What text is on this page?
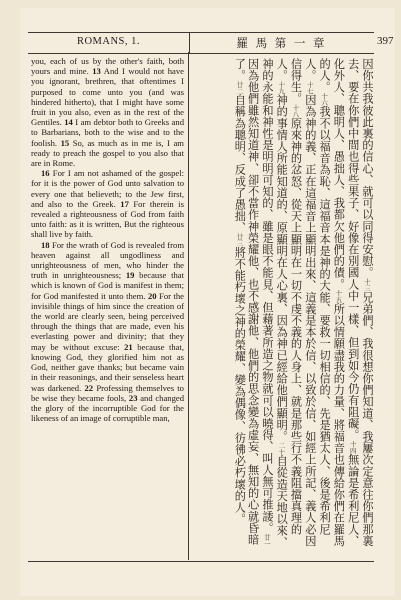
ROMANS, 1.	羅 馬 第 一 章	397

you, each of us by the other's faith, both yours and mine. 13 And I would not have you ignorant, brethren, that oftentimes I purposed to come unto you (and was hindered hitherto), that I might have some fruit in you also, even as in the rest of the Gentiles. 14 I am debtor both to Greeks and to Barbarians, both to the wise and to the foolish. 15 So, as much as in me is, I am ready to preach the gospel to you also that are in Rome.

16 For I am not ashamed of the gospel: for it is the power of God unto salvation to every one that believeth; to the Jew first, and also to the Greek. 17 For therein is revealed a righteousness of God from faith unto faith: as it is written, But the righteous shall live by faith.

18 For the wrath of God is revealed from heaven against all ungodliness and unrighteousness of men, who hinder the truth in unrighteousness; 19 because that which is known of God is manifest in them; for God manifested it unto them. 20 For the invisible things of him since the creation of the world are clearly seen, being perceived through the things that are made, even his everlasting power and divinity; that they may be without excuse: 21 because that, knowing God, they glorified him not as God, neither gave thanks; but became vain in their reasonings, and their senseless heart was darkened. 22 Professing themselves to be wise they became fools, 23 and changed the glory of the incorruptible God for the likeness of an image of corruptible man,

因你共我彼此裏的信心、就可以同得安慰。十三兄弟們、我很想你們知道、我屢次定意往你們那裏去、要在你們中間也得些果子、好像在別國人中一樣、但到如今仍有阻礙。十四無論是希利尼人、化外人、聰明人、愚拙人、我都欠他們的債。十五所以情願盡我的力量、將福音也傳給你們在羅馬的人。十六我不以福音為恥、這福音本是神的大能、要救一切相信的、先是猶太人、後是希利尼人。十七因為神的義、正在這福音上顯明出來、這義是本於信、以致於信、如經上所記、義人必因信得生。十八原來神的忿怒、從天上顯明在一切不虔不義的人身上、就是那些行不義阻擋真理的人。十九神的事情人所能知道的、原顯明在人心裏、因為神已經給他們顯明。二十自從造天地以來、神的永能和神性是明明可知的、雖是眼不能見、但藉著所造之物就可以曉得、叫人無可推諉。廿一因為他們雖然知道神、卻不當作神榮耀他、也不感謝他、他們的思念變為虛妄、無知的心就昏暗了。廿二自稱為聰明、反成了愚拙、廿三將不能朽壞之神的榮耀、變為偶像、彷彿必朽壞的人。
